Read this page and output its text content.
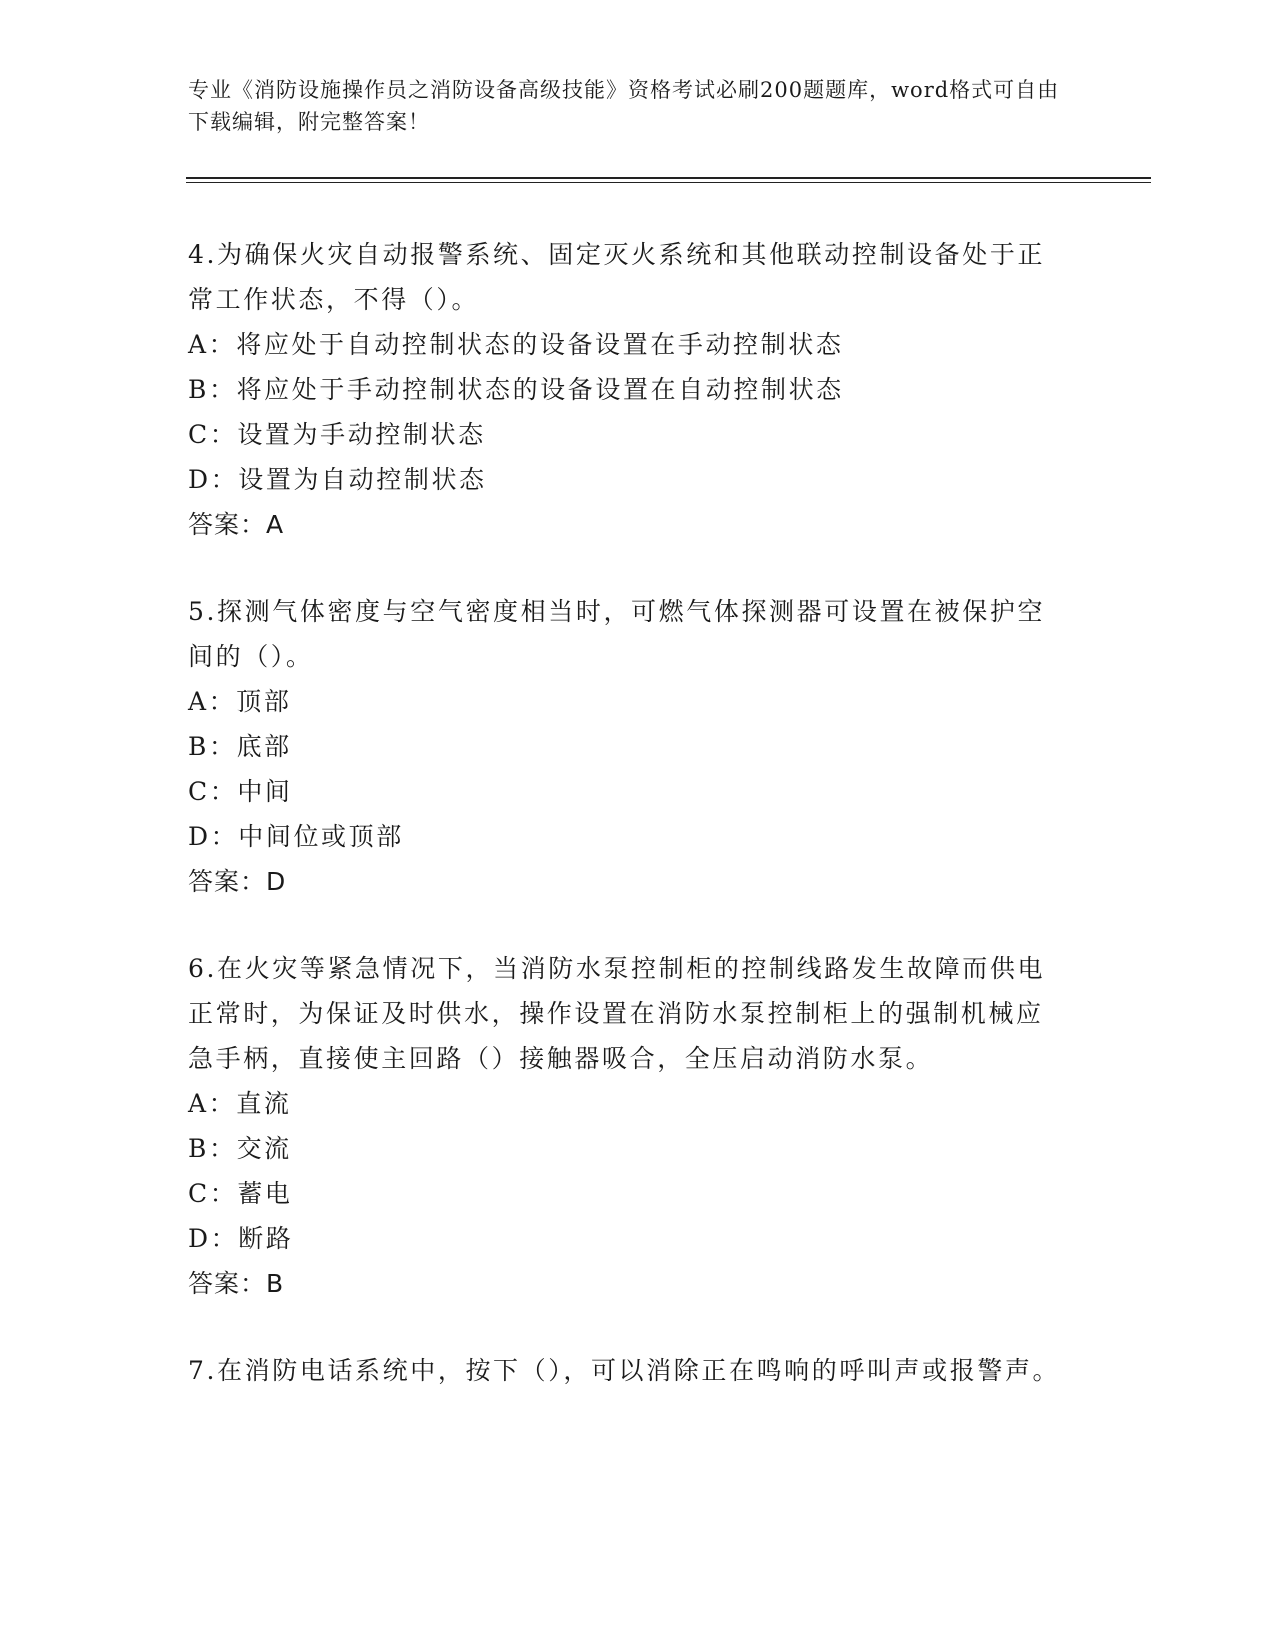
专业《消防设施操作员之消防设备高级技能》资格考试必刷200题题库，word格式可自由下载编辑，附完整答案！
4.为确保火灾自动报警系统、固定灭火系统和其他联动控制设备处于正常工作状态，不得（）。
A：将应处于自动控制状态的设备设置在手动控制状态
B：将应处于手动控制状态的设备设置在自动控制状态
C：设置为手动控制状态
D：设置为自动控制状态
答案：A
5.探测气体密度与空气密度相当时，可燃气体探测器可设置在被保护空间的（）。
A：顶部
B：底部
C：中间
D：中间位或顶部
答案：D
6.在火灾等紧急情况下，当消防水泵控制柜的控制线路发生故障而供电正常时，为保证及时供水，操作设置在消防水泵控制柜上的强制机械应急手柄，直接使主回路（）接触器吸合，全压启动消防水泵。
A：直流
B：交流
C：蓄电
D：断路
答案：B
7.在消防电话系统中，按下（），可以消除正在鸣响的呼叫声或报警声。
